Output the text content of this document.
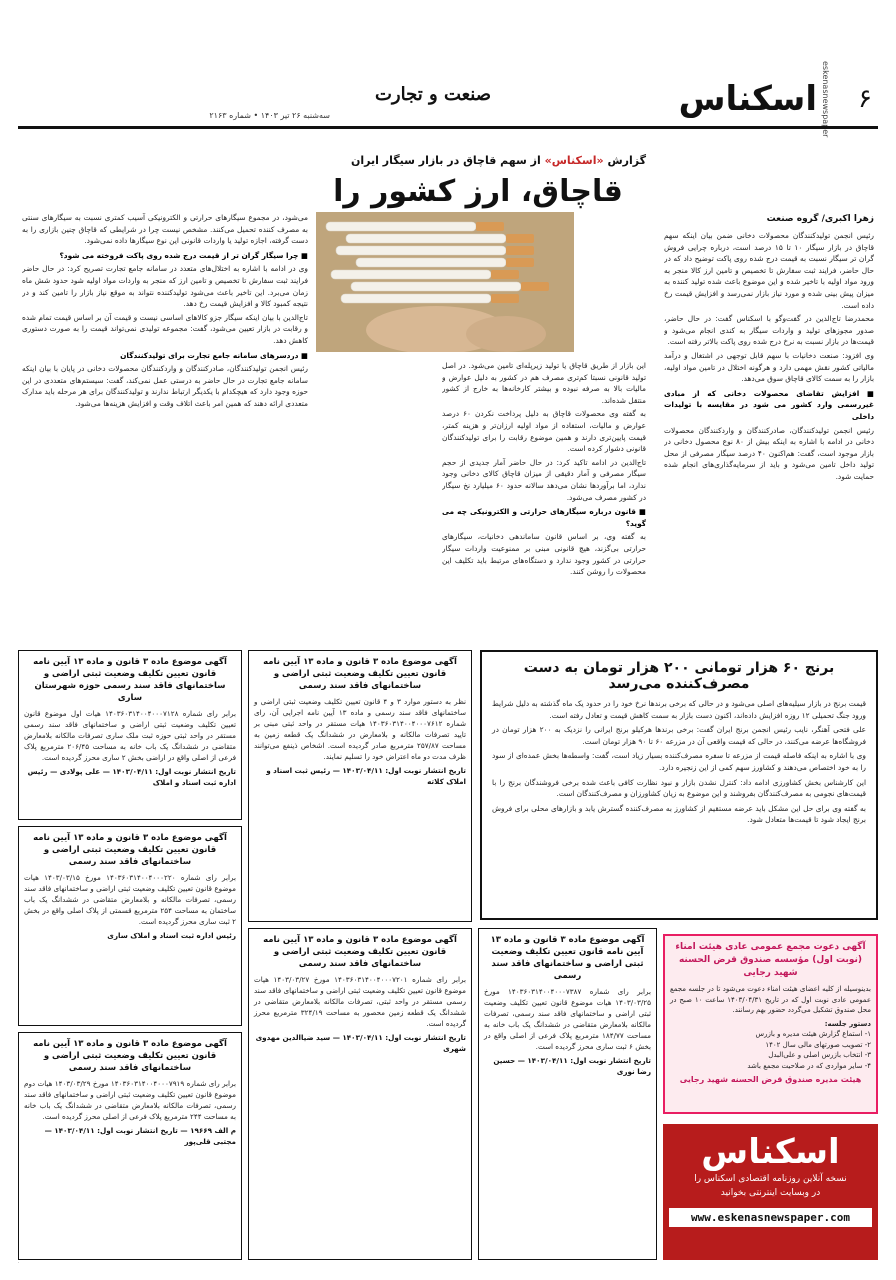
۶
اسکناس eskenasnewspaper
صنعت و تجارت
سه‌شنبه ۲۶ تیر ۱۴۰۳ • شماره ۲۱۶۳
گزارش «اسکناس» از سهم قاچاق در بازار سیگار ایران
قاچاق، ارز کشور را
زهرا اکبری/ گروه صنعت

رئیس انجمن تولیدکنندگان محصولات دخانی ضمن بیان اینکه سهم قاچاق در بازار سیگار ۱۰ تا ۱۵ درصد است، درباره چرایی فروش گران تر سیگار نسبت به قیمت درج شده روی پاکت توضیح داد که در حال حاضر، فرایند ثبت سفارش تا تخصیص و تامین ارز کالا منجر به ورود مواد اولیه با تاخیر شده و این موضوع باعث شده تولید کننده به میزان پیش بینی شده و مورد نیاز بازار نمی‌رسد و افزایش قیمت رخ داده است.

محمدرضا تاج‌الدین در گفت‌وگو با اسکناس گفت: در حال حاضر، صدور مجوزهای تولید و واردات سیگار به کندی انجام می‌شود و قیمت‌ها در بازار نسبت به نرخ درج شده روی پاکت بالاتر رفته است.

وی افزود: صنعت دخانیات با سهم قابل توجهی در اشتغال و درآمد مالیاتی کشور نقش مهمی دارد و هرگونه اختلال در تامین مواد اولیه، بازار را به سمت کالای قاچاق سوق می‌دهد.

■ افزایش تقاضای محصولات دخانی که از مبادی غیررسمی وارد کشور می شود در مقایسه با تولیدات داخلی

رئیس انجمن تولیدکنندگان، صادرکنندگان و واردکنندگان محصولات دخانی در ادامه با اشاره به اینکه بیش از ۸۰ نوع محصول دخانی در بازار موجود است، گفت: هم‌اکنون ۴۰ درصد سیگار مصرفی از محل تولید داخل تامین می‌شود و باید از سرمایه‌گذاری‌های انجام شده حمایت شود.

این بازار از طریق قاچاق یا تولید زیرپله‌ای تامین می‌شود. در اصل تولید قانونی نسبتا کم‌تری مصرف هم در کشور به دلیل عوارض و مالیات بالا به صرفه نبوده و بیشتر کارخانه‌ها به خارج از کشور منتقل شده‌اند.

به گفته وی محصولات قاچاق به دلیل پرداخت نکردن ۶۰ درصد عوارض و مالیات، استفاده از مواد اولیه ارزان‌تر و هزینه کمتر، قیمت پایین‌تری دارند و همین موضوع رقابت را برای تولیدکنندگان قانونی دشوار کرده است.

تاج‌الدین در ادامه تاکید کرد: در حال حاضر آمار جدیدی از حجم سیگار مصرفی و آمار دقیقی از میزان قاچاق کالای دخانی وجود ندارد، اما برآوردها نشان می‌دهد سالانه حدود ۶۰ میلیارد نخ سیگار در کشور مصرف می‌شود.

■ قانون درباره سیگارهای حرارتی و الکترونیکی چه می گوید؟

به گفته وی، بر اساس قانون ساماندهی دخانیات، سیگارهای حرارتی بی‌گزند، هیچ قانونی مبنی بر ممنوعیت واردات سیگار حرارتی در کشور وجود ندارد و دستگاه‌های مرتبط باید تکلیف این محصولات را روشن کنند.

می‌شود، در مجموع سیگارهای حرارتی و الکترونیکی آسیب کمتری نسبت به سیگارهای سنتی به مصرف کننده تحمیل می‌کنند. مشخص نیست چرا در شرایطی که قاچاق چنین بازاری را به دست گرفته، اجازه تولید یا واردات قانونی این نوع سیگارها داده نمی‌شود.

■ چرا سیگار گران تر از قیمت درج شده روی پاکت فروخته می شود؟

وی در ادامه با اشاره به اختلال‌های متعدد در سامانه جامع تجارت تصریح کرد: در حال حاضر فرایند ثبت سفارش تا تخصیص و تامین ارز که منجر به واردات مواد اولیه شود حدود شش ماه زمان می‌برد. این تاخیر باعث می‌شود تولیدکننده نتواند به موقع نیاز بازار را تامین کند و در نتیجه کمبود کالا و افزایش قیمت رخ دهد.

تاج‌الدین با بیان اینکه سیگار جزو کالاهای اساسی نیست و قیمت آن بر اساس قیمت تمام شده و رقابت در بازار تعیین می‌شود، گفت: مجموعه تولیدی نمی‌تواند قیمت را به صورت دستوری کاهش دهد.

■ دردسرهای سامانه جامع تجارت برای تولیدکنندگان

رئیس انجمن تولیدکنندگان، صادرکنندگان و واردکنندگان محصولات دخانی در پایان با بیان اینکه سامانه جامع تجارت در حال حاضر به درستی عمل نمی‌کند، گفت: سیستم‌های متعددی در این حوزه وجود دارد که هیچکدام با یکدیگر ارتباط ندارند و تولیدکنندگان برای هر مرحله باید مدارک متعددی ارائه دهند که همین امر باعث اتلاف وقت و افزایش هزینه‌ها می‌شود.

برنج ۶۰ هزار تومانی ۲۰۰ هزار تومان به دست مصرف‌کننده می‌رسد

قیمت برنج در بازار سیلیه‌های اصلی می‌شود و در حالی که برخی برندها نرخ خود را در حدود یک ماه گذشته به دلیل شرایط ورود جنگ تحمیلی ۱۲ روزه افزایش داده‌اند، اکنون دست بازار به سمت کاهش قیمت و تعادل رفته است.

علی فتحی آهنگر، نایب رئیس انجمن برنج ایران گفت: برخی برندها هرکیلو برنج ایرانی را نزدیک به ۲۰۰ هزار تومان در فروشگاه‌ها عرضه می‌کنند، در حالی که قیمت واقعی آن در مزرعه ۶۰ تا ۹۰ هزار تومان است.

وی با اشاره به اینکه فاصله قیمت از مزرعه تا سفره مصرف‌کننده بسیار زیاد است، گفت: واسطه‌ها بخش عمده‌ای از سود را به خود اختصاص می‌دهند و کشاورز سهم کمی از این زنجیره دارد.

این کارشناس بخش کشاورزی ادامه داد: کنترل نشدن بازار و نبود نظارت کافی باعث شده برخی فروشندگان برنج را با قیمت‌های نجومی به مصرف‌کنندگان بفروشند و این موضوع به زیان کشاورزان و مصرف‌کنندگان است.

به گفته وی برای حل این مشکل باید عرضه مستقیم از کشاورز به مصرف‌کننده گسترش یابد و بازارهای محلی برای فروش برنج ایجاد شود تا قیمت‌ها متعادل شود.

آگهی موضوع ماده ۳ قانون و ماده ۱۳ آیین نامه قانون تعیین تکلیف وضعیت ثبتی اراضی و ساختمانهای فاقد سند رسمی حوزه شهرستان ساری
برابر رای شماره ۱۴۰۳۶۰۳۱۴۰۰۴۰۰۰۷۱۲۸ هیات اول موضوع قانون تعیین تکلیف وضعیت ثبتی اراضی و ساختمانهای فاقد سند رسمی مستقر در واحد ثبتی حوزه ثبت ملک ساری تصرفات مالکانه بلامعارض متقاضی در ششدانگ یک باب خانه به مساحت ۲۰۶/۴۵ مترمربع پلاک فرعی از اصلی واقع در اراضی بخش ۲ ساری محرز گردیده است.
تاریخ انتشار نوبت اول: ۱۴۰۳/۰۴/۱۱ — علی پولادی — رئیس اداره ثبت اسناد و املاک
آگهی موضوع ماده ۳ قانون و ماده ۱۳ آیین نامه قانون تعیین تکلیف وضعیت ثبتی اراضی و ساختمانهای فاقد سند رسمی
نظر به دستور موارد ۳ و ۴ قانون تعیین تکلیف وضعیت ثبتی اراضی و ساختمانهای فاقد سند رسمی و ماده ۱۳ آیین نامه اجرایی آن، رای شماره ۱۴۰۳۶۰۳۱۴۰۰۴۰۰۰۷۶۱۲ هیات مستقر در واحد ثبتی مبنی بر تایید تصرفات مالکانه و بلامعارض در ششدانگ یک قطعه زمین به مساحت ۲۵۷/۸۷ مترمربع صادر گردیده است. اشخاص ذینفع می‌توانند ظرف مدت دو ماه اعتراض خود را تسلیم نمایند.
تاریخ انتشار نوبت اول: ۱۴۰۳/۰۴/۱۱ — رئیس ثبت اسناد و املاک کلاته
آگهی موضوع ماده ۳ قانون و ماده ۱۳ آیین نامه قانون تعیین تکلیف وضعیت ثبتی اراضی و ساختمانهای فاقد سند رسمی
برابر رای شماره ۱۴۰۳۶۰۳۱۴۰۰۴۰۰۰۲۲۰ مورخ ۱۴۰۳/۰۳/۱۵ هیات موضوع قانون تعیین تکلیف وضعیت ثبتی اراضی و ساختمانهای فاقد سند رسمی، تصرفات مالکانه و بلامعارض متقاضی در ششدانگ یک باب ساختمان به مساحت ۲۵۴ مترمربع قسمتی از پلاک اصلی واقع در بخش ۲ ثبت ساری محرز گردیده است.
رئیس اداره ثبت اسناد و املاک ساری
آگهی موضوع ماده ۳ قانون و ماده ۱۳ آیین نامه قانون تعیین تکلیف وضعیت ثبتی اراضی و ساختمانهای فاقد سند رسمی
برابر رای شماره ۱۴۰۳۶۰۳۱۴۰۰۴۰۰۰۷۹۱۹ مورخ ۱۴۰۳/۰۳/۲۹ هیات دوم موضوع قانون تعیین تکلیف وضعیت ثبتی اراضی و ساختمانهای فاقد سند رسمی، تصرفات مالکانه بلامعارض متقاضی در ششدانگ یک باب خانه به مساحت ۲۴۴ مترمربع پلاک فرعی از اصلی محرز گردیده است.
م الف ۱۹۶۶۹ — تاریخ انتشار نوبت اول: ۱۴۰۳/۰۴/۱۱ — مجتبی قلی‌پور
آگهی موضوع ماده ۳ قانون و ماده ۱۳ آیین نامه قانون تعیین تکلیف وضعیت ثبتی اراضی و ساختمانهای فاقد سند رسمی
برابر رای شماره ۱۴۰۳۶۰۳۱۴۰۰۴۰۰۰۷۲۰۱ مورخ ۱۴۰۳/۰۳/۲۷ هیات موضوع قانون تعیین تکلیف وضعیت ثبتی اراضی و ساختمانهای فاقد سند رسمی مستقر در واحد ثبتی، تصرفات مالکانه بلامعارض متقاضی در ششدانگ یک قطعه زمین محصور به مساحت ۳۲۴/۱۹ مترمربع محرز گردیده است.
تاریخ انتشار نوبت اول: ۱۴۰۳/۰۴/۱۱ — سید ضیاالدین مهدوی شهری
آگهی موضوع ماده ۳ قانون و ماده ۱۳ آیین نامه قانون تعیین تکلیف وضعیت ثبتی اراضی و ساختمانهای فاقد سند رسمی
برابر رای شماره ۱۴۰۳۶۰۳۱۴۰۰۴۰۰۰۷۳۸۷ مورخ ۱۴۰۳/۰۳/۲۵ هیات موضوع قانون تعیین تکلیف وضعیت ثبتی اراضی و ساختمانهای فاقد سند رسمی، تصرفات مالکانه بلامعارض متقاضی در ششدانگ یک باب خانه به مساحت ۱۸۴/۷۷ مترمربع پلاک فرعی از اصلی واقع در بخش ۶ ثبت ساری محرز گردیده است.
تاریخ انتشار نوبت اول: ۱۴۰۳/۰۴/۱۱ — حسین رضا نوری
آگهی دعوت مجمع عمومی عادی هیئت امناء (نوبت اول) مؤسسه صندوق قرض الحسنه شهید رجایی
بدینوسیله از کلیه اعضای هیئت امناء دعوت می‌شود تا در جلسه مجمع عمومی عادی نوبت اول که در تاریخ ۱۴۰۳/۰۴/۳۱ ساعت ۱۰ صبح در محل صندوق تشکیل می‌گردد حضور بهم رسانند.
دستور جلسه:
۱- استماع گزارش هیئت مدیره و بازرس
۲- تصویب صورتهای مالی سال ۱۴۰۲
۳- انتخاب بازرس اصلی و علی‌البدل
۴- سایر مواردی که در صلاحیت مجمع باشد
هیئت مدیره صندوق قرض الحسنه شهید رجایی
اسکناس
نسخه آنلاین روزنامه اقتصادی اسکناس را
در وبسایت اینترنتی بخوانید
www.eskenasnewspaper.com
